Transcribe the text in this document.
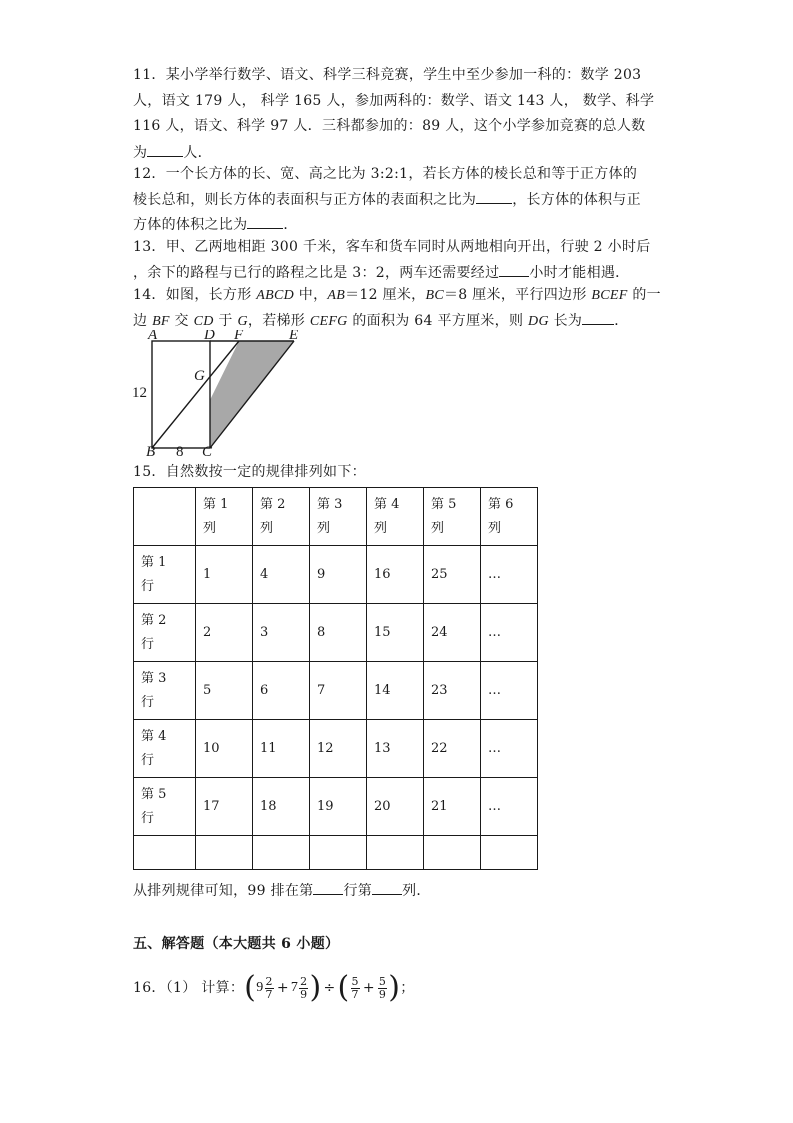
11．某小学举行数学、语文、科学三科竞赛，学生中至少参加一科的：数学 203
人，语文 179 人， 科学 165 人，参加两科的：数学、语文 143 人， 数学、科学
116 人，语文、科学 97 人．三科都参加的：89 人，这个小学参加竞赛的总人数
为	人．
12．一个长方体的长、宽、高之比为 3:2:1，若长方体的棱长总和等于正方体的
棱长总和，则长方体的表面积与正方体的表面积之比为	，长方体的体积与正
方体的体积之比为	．
13．甲、乙两地相距 300 千米，客车和货车同时从两地相向开出，行驶 2 小时后
，余下的路程与已行的路程之比是 3：2，两车还需要经过 小时才能相遇．
14．如图，长方形 ABCD 中，AB＝12 厘米，BC＝8 厘米，平行四边形 BCEF 的一
边 BF 交 CD 于 G，若梯形 CEFG 的面积为 64 平方厘米，则 DG 长为 ．
A	D F	E
G
B	C
12
8
15．自然数按一定的规律排列如下：

	第 1
列	第 2
列	第 3
列	第 4
列	第 5
列	第 6
列

第 1
行	1	4	9	16	25	…

第 2
行	2	3	8	15	24	…

第 3
行	5	6	7	14	23	…

第 4
行	10	11	12	13	22	…

第 5
行	17	18	19	20	21	…

从排列规律可知，99 排在第 行第 列．
五、解答题（本大题共 6 小题）
16．（1） 计算： ( $9 \frac{2}{7} + 7 \frac{2}{9}$ ) ÷ ( $\frac{5}{7} + \frac{5}{9}$ ) ；
